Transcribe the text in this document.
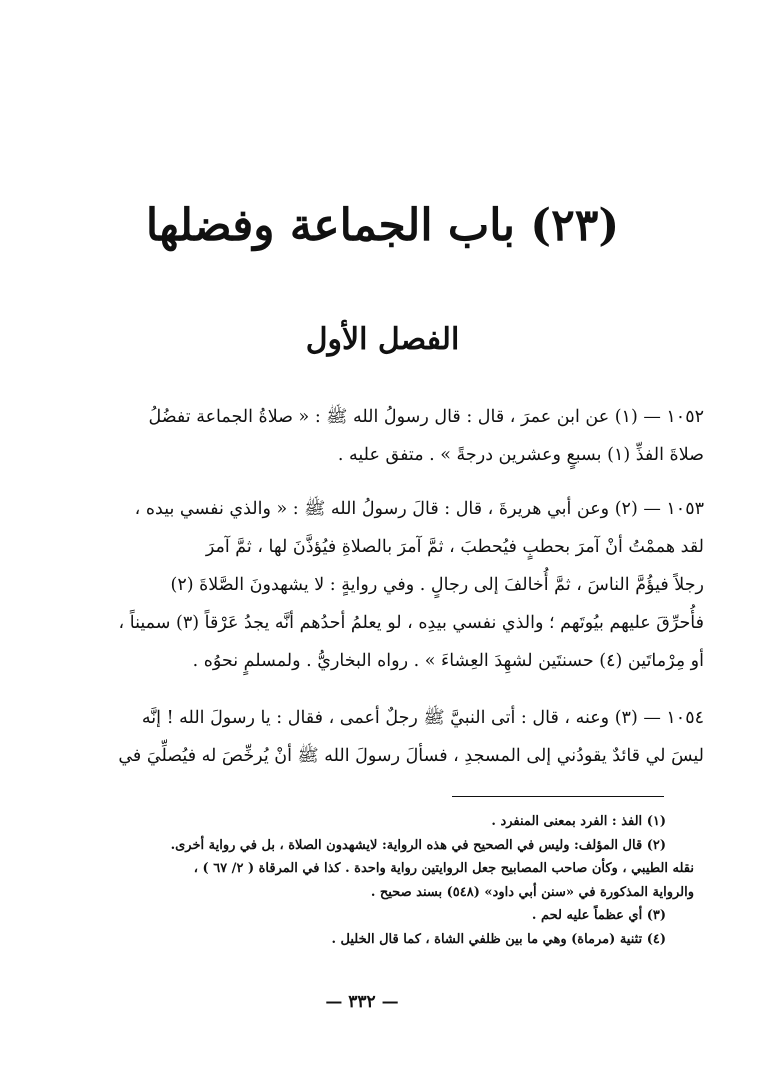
(٢٣) باب الجماعة وفضلها
الفصل الأول
١٠٥٢ — (١) عن ابن عمرَ ، قال : قال رسولُ الله ﷺ : « صلاةُ الجماعة تفضُلُ
صلاةَ الفذِّ (١) بسبعٍ وعشرين درجةً » . متفق عليه .
١٠٥٣ — (٢) وعن أبي هريرةَ ، قال : قالَ رسولُ الله ﷺ : « والذي نفسي بيده ،
لقد هممْتُ أنْ آمرَ بحطبٍ فيُحطبَ ، ثمَّ آمرَ بالصلاةِ فيُؤذَّنَ لها ، ثمَّ آمرَ
رجلاً فيؤُمَّ الناسَ ، ثمَّ أُخالفَ إلى رجالٍ . وفي روايةٍ : لا يشهدونَ الصَّلاةَ (٢)
فأُحرِّقَ عليهم بيُوتَهم ؛ والذي نفسي بيدِه ، لو يعلمُ أحدُهم أنَّه يجدُ عَرْقاً (٣) سميناً ،
أو مِرْماتَين (٤) حسنتَين لشهِدَ العِشاءَ » . رواه البخاريُّ . ولمسلمٍ نحوُه .
١٠٥٤ — (٣) وعنه ، قال : أتى النبيَّ ﷺ رجلٌ أعمى ، فقال : يا رسولَ الله ! إنَّه
ليسَ لي قائدٌ يقودُني إلى المسجدِ ، فسألَ رسولَ الله ﷺ أنْ يُرخِّصَ له فيُصلِّيَ في
(١) الفذ : الفرد بمعنى المنفرد .
(٢) قال المؤلف: وليس في الصحيح في هذه الرواية: لايشهدون الصلاة ، بل في رواية أخرى.
نقله الطيبي ، وكأن صاحب المصابيح جعل الروايتين رواية واحدة . كذا في المرقاة ( ٢/ ٦٧ ) ،
والرواية المذكورة في «سنن أبي داود» (٥٤٨) بسند صحيح .
(٣) أي عظماً عليه لحم .
(٤) تثنية (مرماة) وهي ما بين ظلفي الشاة ، كما قال الخليل .
— ٣٣٢ —
